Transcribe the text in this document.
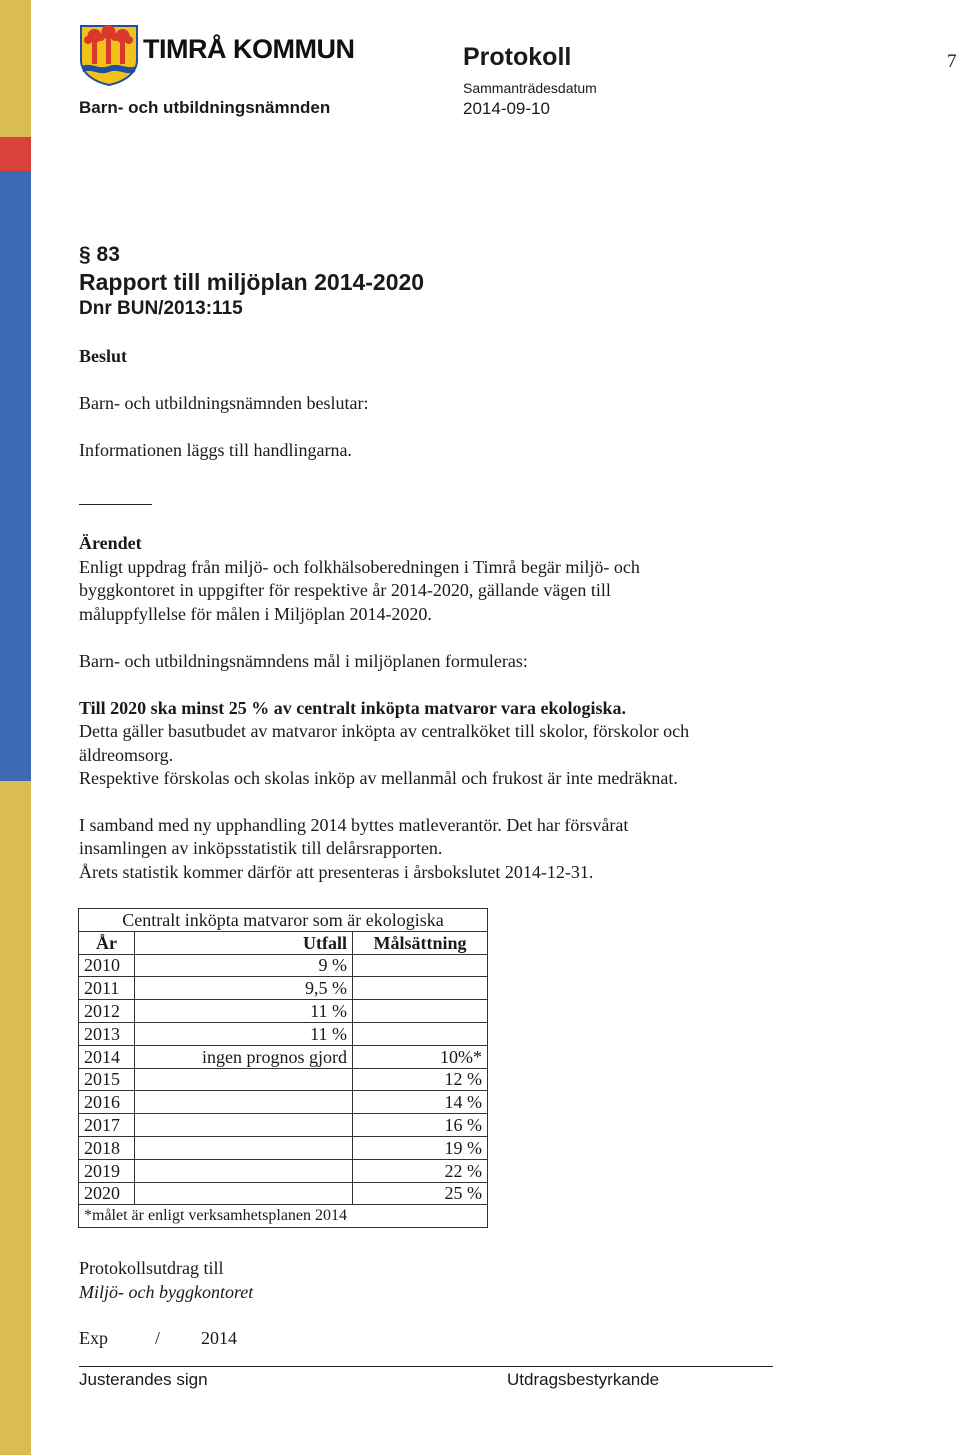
TIMRÅ KOMMUN
Barn- och utbildningsnämnden
Protokoll
Sammanträdesdatum
2014-09-10
7
§ 83
Rapport till miljöplan 2014-2020
Dnr BUN/2013:115
Beslut
Barn- och utbildningsnämnden beslutar:
Informationen läggs till handlingarna.
Ärendet
Enligt uppdrag från miljö- och folkhälsoberedningen i Timrå begär miljö- och
byggkontoret in uppgifter för respektive år 2014-2020, gällande vägen till
måluppfyllelse för målen i Miljöplan 2014-2020.
Barn- och utbildningsnämndens mål i miljöplanen formuleras:
Till 2020 ska minst 25 % av centralt inköpta matvaror vara ekologiska.
Detta gäller basutbudet av matvaror inköpta av centralköket till skolor, förskolor och
äldreomsorg.
Respektive förskolas och skolas inköp av mellanmål och frukost är inte medräknat.
I samband med ny upphandling 2014 byttes matleverantör. Det har försvårat
insamlingen av inköpsstatistik till delårsrapporten.
Årets statistik kommer därför att presenteras i årsbokslutet 2014-12-31.
Centralt inköpta matvaror som är ekologiska		
År	Utfall	Målsättning
2010	9 %	
2011	9,5 %	
2012	11 %	
2013	11 %	
2014	ingen prognos gjord	10%*
2015		12 %
2016		14 %
2017		16 %
2018		19 %
2019		22 %
2020		25 %
*målet är enligt verksamhetsplanen 2014		
Protokollsutdrag till
Miljö- och byggkontoret
Exp	/ 2014
Justerandes sign	Utdragsbestyrkande
